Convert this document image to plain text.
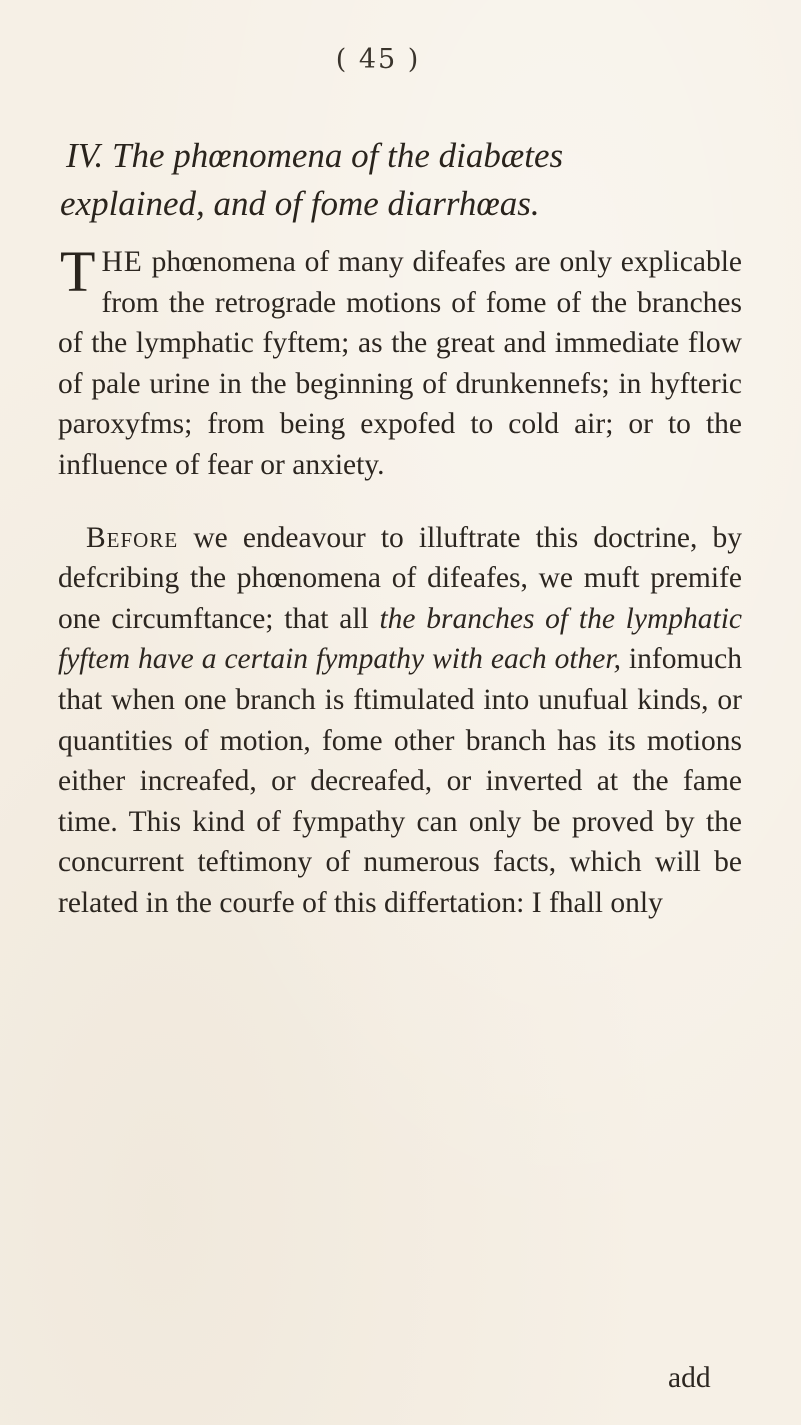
( 45 )
IV. The phœnomena of the diabætes
explained, and of fome diarrhœas.

THE phœnomena of many difeafes are only explicable from the retrograde motions of fome of the branches of the lymphatic fyftem; as the great and immediate flow of pale urine in the beginning of drunkennefs; in hyfteric paroxyfms; from being expofed to cold air; or to the influence of fear or anxiety.

Before we endeavour to illuftrate this doctrine, by defcribing the phœnomena of difeafes, we muft premife one circumftance; that all the branches of the lymphatic fyftem have a certain fympathy with each other, infomuch that when one branch is ftimulated into unufual kinds, or quantities of motion, fome other branch has its motions either increafed, or decreafed, or inverted at the fame time. This kind of fympathy can only be proved by the concurrent teftimony of numerous facts, which will be related in the courfe of this differtation: I fhall only

add
